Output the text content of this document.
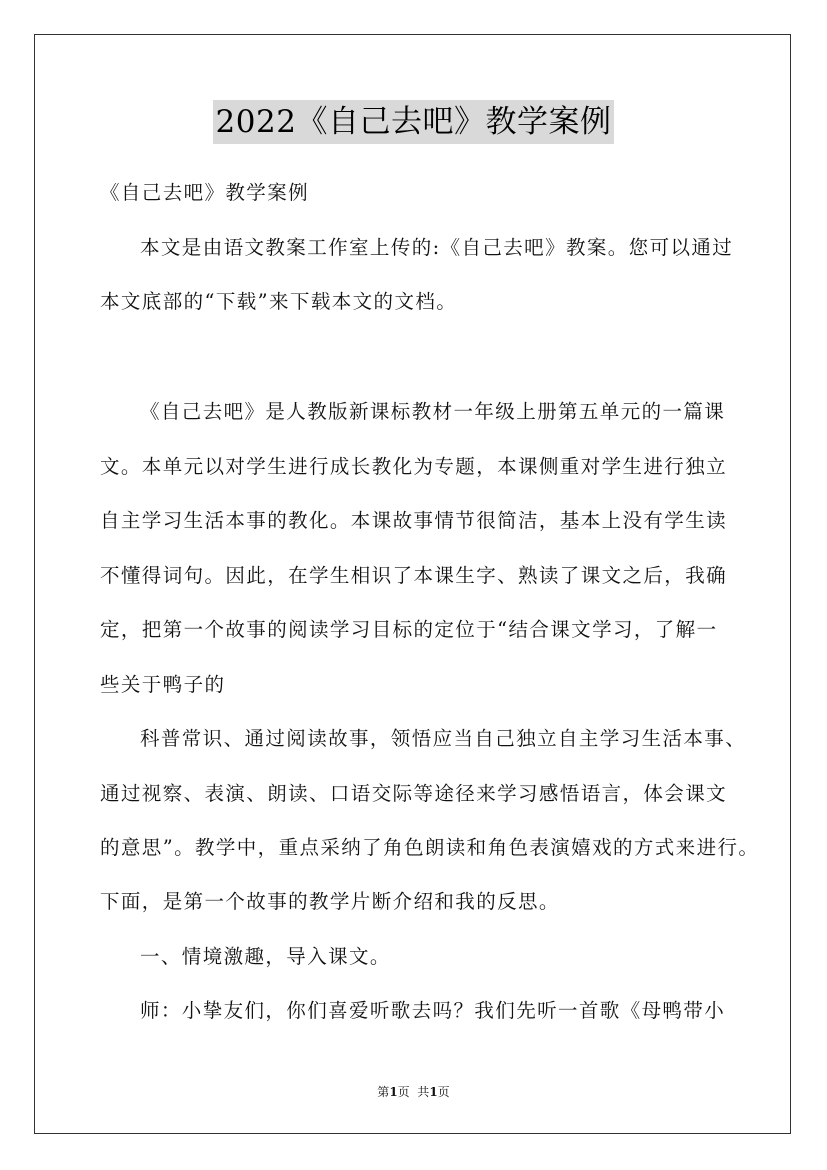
2022《自己去吧》教学案例
《自己去吧》教学案例
本文是由语文教案工作室上传的:《自己去吧》教案。您可以通过
本文底部的“下载”来下载本文的文档。
《自己去吧》是人教版新课标教材一年级上册第五单元的一篇课
文。本单元以对学生进行成长教化为专题，本课侧重对学生进行独立
自主学习生活本事的教化。本课故事情节很简洁，基本上没有学生读
不懂得词句。因此，在学生相识了本课生字、熟读了课文之后，我确
定，把第一个故事的阅读学习目标的定位于“结合课文学习，了解一
些关于鸭子的
科普常识、通过阅读故事，领悟应当自己独立自主学习生活本事、
通过视察、表演、朗读、口语交际等途径来学习感悟语言，体会课文
的意思”。教学中，重点采纳了角色朗读和角色表演嬉戏的方式来进行。
下面，是第一个故事的教学片断介绍和我的反思。
一、情境激趣，导入课文。
师：小挚友们，你们喜爱听歌去吗？我们先听一首歌《母鸭带小
第1页  共1页
